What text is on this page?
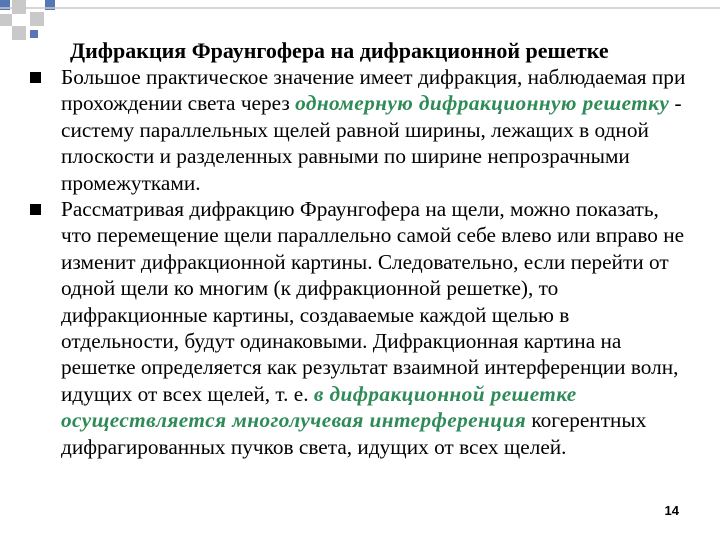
Дифракция Фраунгофера на дифракционной решетке
Большое практическое значение имеет дифракция, наблюдаемая при прохождении света через одномерную дифракционную решетку - систему параллельных щелей равной ширины, лежащих в одной плоскости и разделенных равными по ширине непрозрачными промежутками.
Рассматривая дифракцию Фраунгофера на щели, можно показать, что перемещение щели параллельно самой себе влево или вправо не изменит дифракционной картины. Следовательно, если перейти от одной щели ко многим (к дифракционной решетке), то дифракционные картины, создаваемые каждой щелью в отдельности, будут одинаковыми. Дифракционная картина на решетке определяется как результат взаимной интерференции волн, идущих от всех щелей, т. е. в дифракционной решетке осуществляется многолучевая интерференция когерентных дифрагированных пучков света, идущих от всех щелей.
14
